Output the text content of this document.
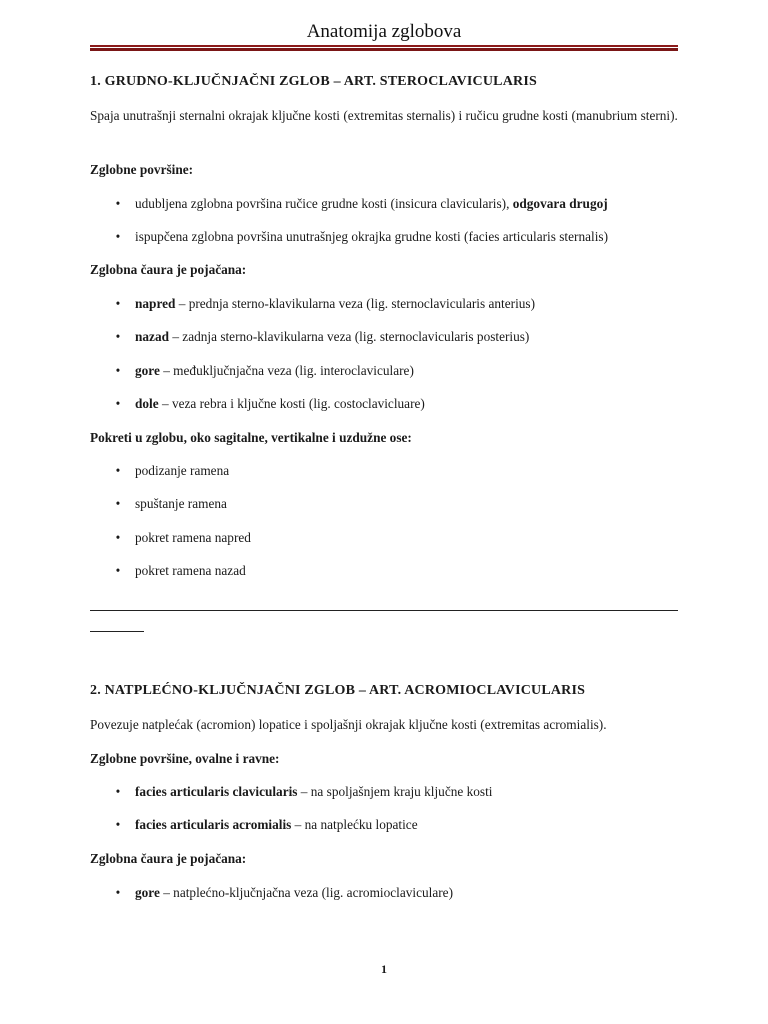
Anatomija zglobova
1. GRUDNO-KLJUČNJAČNI ZGLOB – ART. STEROCLAVICULARIS
Spaja unutrašnji sternalni okrajak ključne kosti (extremitas sternalis) i ručicu grudne kosti (manubrium sterni).
Zglobne površine:
• udubljena zglobna površina ručice grudne kosti (insicura clavicularis), odgovara drugoj
• ispupčena zglobna površina unutrašnjeg okrajka grudne kosti (facies articularis sternalis)
Zglobna čaura je pojačana:
• napred – prednja sterno-klavikularna veza (lig. sternoclavicularis anterius)
• nazad – zadnja sterno-klavikularna veza (lig. sternoclavicularis posterius)
• gore – međuključnjačna veza (lig. interoclaviculare)
• dole – veza rebra i ključne kosti (lig. costoclavicluare)
Pokreti u zglobu, oko sagitalne, vertikalne i uzdužne ose:
• podizanje ramena
• spuštanje ramena
• pokret ramena napred
• pokret ramena nazad
2. NATPLEĆNO-KLJUČNJAČNI ZGLOB – ART. ACROMIOCLAVICULARIS
Povezuje natplećak (acromion) lopatice i spoljašnji okrajak ključne kosti (extremitas acromialis).
Zglobne površine, ovalne i ravne:
• facies articularis clavicularis – na spoljašnjem kraju ključne kosti
• facies articularis acromialis – na natplećku lopatice
Zglobna čaura je pojačana:
• gore – natplećno-ključnjačna veza (lig. acromioclaviculare)
1
